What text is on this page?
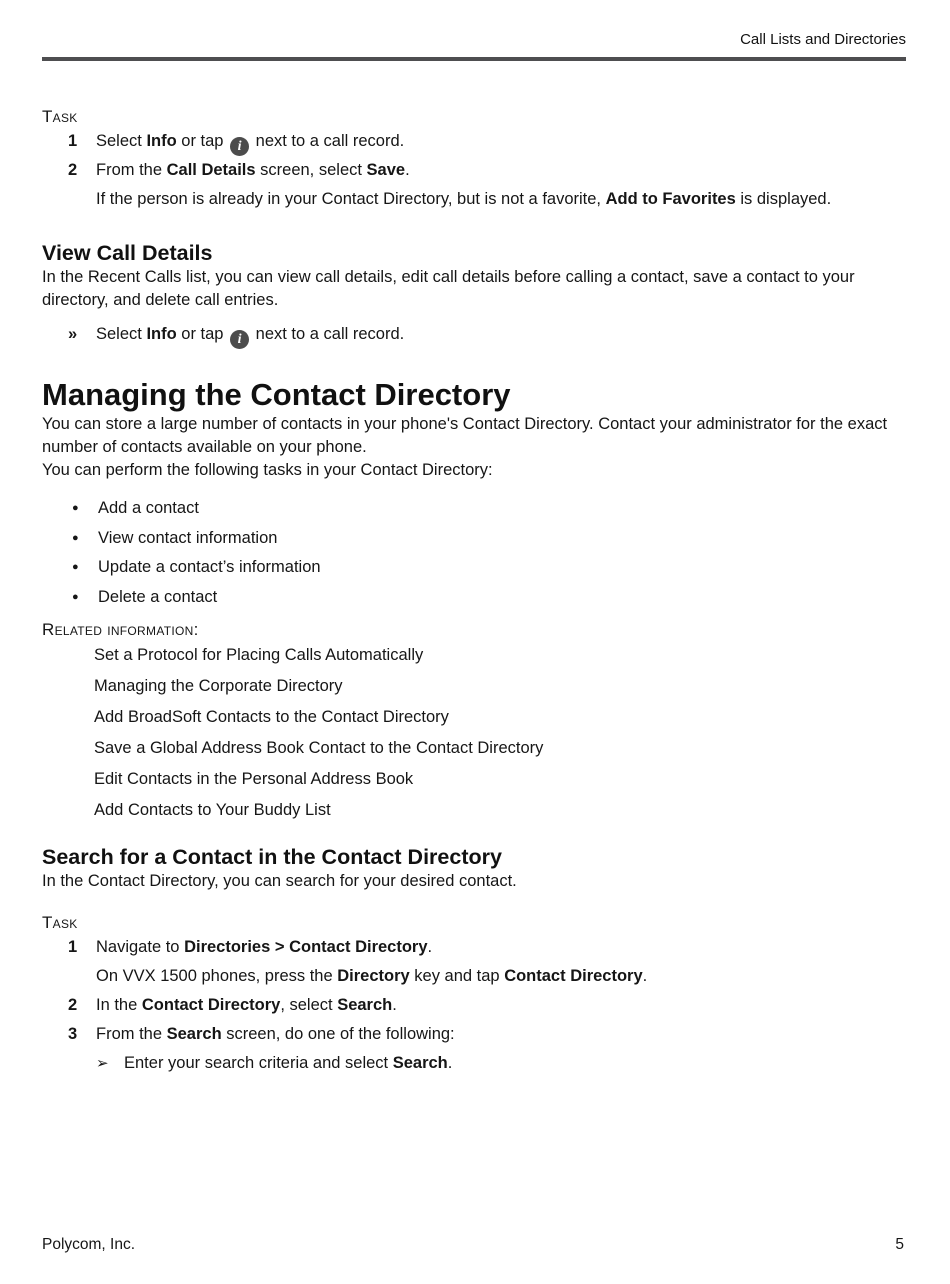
Call Lists and Directories
Task
1	Select Info or tap i next to a call record.
2	From the Call Details screen, select Save.
If the person is already in your Contact Directory, but is not a favorite, Add to Favorites is displayed.
View Call Details

In the Recent Calls list, you can view call details, edit call details before calling a contact, save a contact to your directory, and delete call entries.

»	Select Info or tap i next to a call record.
Managing the Contact Directory

You can store a large number of contacts in your phone's Contact Directory. Contact your administrator for the exact number of contacts available on your phone.

You can perform the following tasks in your Contact Directory:

● Add a contact
● View contact information
● Update a contact’s information
● Delete a contact
Related information:
Set a Protocol for Placing Calls Automatically
Managing the Corporate Directory
Add BroadSoft Contacts to the Contact Directory
Save a Global Address Book Contact to the Contact Directory
Edit Contacts in the Personal Address Book
Add Contacts to Your Buddy List
Search for a Contact in the Contact Directory

In the Contact Directory, you can search for your desired contact.

Task
1	Navigate to Directories > Contact Directory.
On VVX 1500 phones, press the Directory key and tap Contact Directory.
2	In the Contact Directory, select Search.
3	From the Search screen, do one of the following:
➢ Enter your search criteria and select Search.
Polycom, Inc.	5
